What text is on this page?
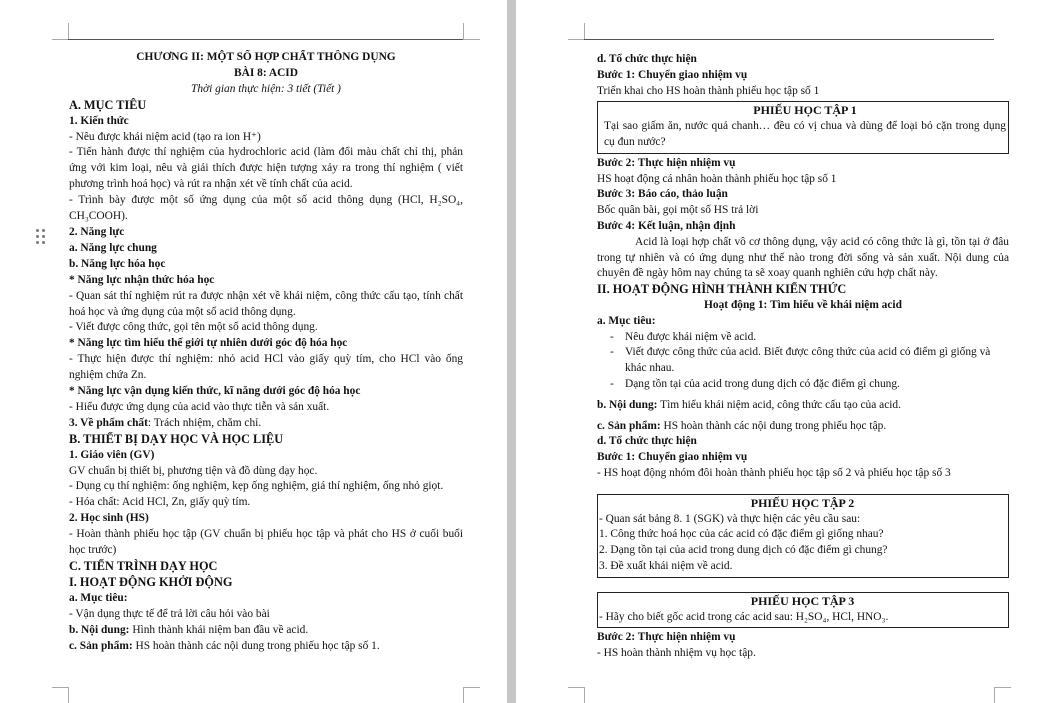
CHƯƠNG II: MỘT SỐ HỢP CHẤT THÔNG DỤNG
BÀI 8: ACID
Thời gian thực hiện: 3 tiết (Tiết )
A. MỤC TIÊU
1. Kiến thức
- Nêu được khái niệm acid (tạo ra ion H⁺)
- Tiến hành được thí nghiệm của hydrochloric acid (làm đổi màu chất chỉ thị, phản ứng với kim loại, nêu và giải thích được hiện tượng xảy ra trong thí nghiệm ( viết phương trình hoá học) và rút ra nhận xét về tính chất của acid.
- Trình bày được một số ứng dụng của một số acid thông dụng (HCl, H₂SO₄, CH₃COOH).
2. Năng lực
a. Năng lực chung
b. Năng lực hóa học
* Năng lực nhận thức hóa học
- Quan sát thí nghiệm rút ra được nhận xét về khái niệm, công thức cấu tạo, tính chất hoá học và ứng dụng của một số acid thông dụng.
- Viết được công thức, gọi tên một số acid thông dụng.
* Năng lực tìm hiểu thế giới tự nhiên dưới góc độ hóa học
- Thực hiện được thí nghiệm: nhỏ acid HCl vào giấy quỳ tím, cho HCl vào ống nghiệm chứa Zn.
* Năng lực vận dụng kiến thức, kĩ năng dưới góc độ hóa học
- Hiểu được ứng dụng của acid vào thực tiễn và sản xuất.
3. Về phẩm chất: Trách nhiệm, chăm chỉ.
B. THIẾT BỊ DẠY HỌC VÀ HỌC LIỆU
1. Giáo viên (GV)
GV chuẩn bị thiết bị, phương tiện và đồ dùng dạy học.
- Dụng cụ thí nghiệm: ống nghiệm, kẹp ống nghiệm, giá thí nghiệm, ống nhỏ giọt.
- Hóa chất: Acid HCl, Zn, giấy quỳ tím.
2. Học sinh (HS)
- Hoàn thành phiếu học tập (GV chuẩn bị phiếu học tập và phát cho HS ở cuối buổi học trước)
C. TIẾN TRÌNH DẠY HỌC
I. HOẠT ĐỘNG KHỞI ĐỘNG
a. Mục tiêu:
- Vận dụng thực tế để trả lời câu hỏi vào bài
b. Nội dung: Hình thành khái niệm ban đầu về acid.
c. Sản phẩm: HS hoàn thành các nội dung trong phiếu học tập số 1.
d. Tổ chức thực hiện
Bước 1: Chuyển giao nhiệm vụ
Triển khai cho HS hoàn thành phiếu học tập số 1
PHIẾU HỌC TẬP 1
Tại sao giấm ăn, nước quả chanh… đều có vị chua và dùng để loại bỏ cặn trong dụng cụ đun nước?
Bước 2: Thực hiện nhiệm vụ
HS hoạt động cá nhân hoàn thành phiếu học tập số 1
Bước 3: Báo cáo, thảo luận
Bốc quân bài, gọi một số HS trả lời
Bước 4: Kết luận, nhận định
Acid là loại hợp chất vô cơ thông dụng, vậy acid có công thức là gì, tồn tại ở đâu trong tự nhiên và có ứng dụng như thế nào trong đời sống và sản xuất. Nội dung của chuyên đề ngày hôm nay chúng ta sẽ xoay quanh nghiên cứu hợp chất này.
II. HOẠT ĐỘNG HÌNH THÀNH KIẾN THỨC
Hoạt động 1: Tìm hiểu về khái niệm acid
a. Mục tiêu:
- Nêu được khái niệm về acid.
- Viết được công thức của acid. Biết được công thức của acid có điểm gì giống và khác nhau.
- Dạng tồn tại của acid trong dung dịch có đặc điểm gì chung.
b. Nội dung: Tìm hiểu khái niệm acid, công thức cấu tạo của acid.
c. Sản phẩm: HS hoàn thành các nội dung trong phiếu học tập.
d. Tổ chức thực hiện
Bước 1: Chuyển giao nhiệm vụ
- HS hoạt động nhóm đôi hoàn thành phiếu học tập số 2 và phiếu học tập số 3
PHIẾU HỌC TẬP 2
- Quan sát bảng 8. 1 (SGK) và thực hiện các yêu cầu sau:
1. Công thức hoá học của các acid có đặc điểm gì giống nhau?
2. Dạng tồn tại của acid trong dung dịch có đặc điểm gì chung?
3. Đề xuất khái niệm về acid.
PHIẾU HỌC TẬP 3
- Hãy cho biết gốc acid trong các acid sau: H₂SO₄, HCl, HNO₃.
Bước 2: Thực hiện nhiệm vụ
- HS hoàn thành nhiệm vụ học tập.
